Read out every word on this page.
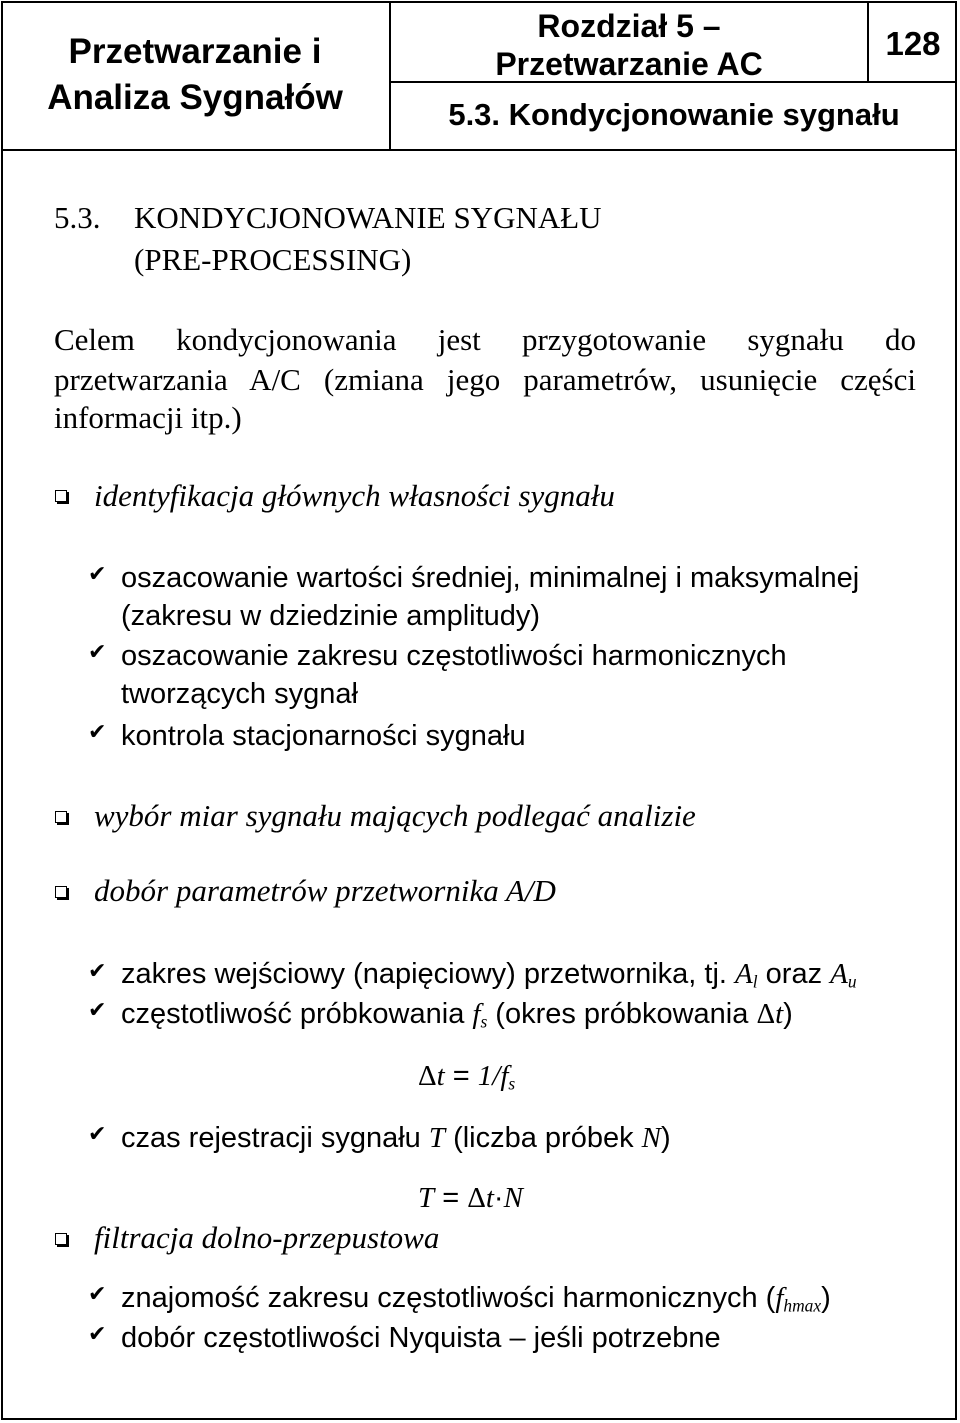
Przetwarzanie i
Analiza Sygnałów
Rozdział 5 –
Przetwarzanie AC
128
5.3. Kondycjonowanie sygnału
5.3. KONDYCJONOWANIE SYGNAŁU
(PRE-PROCESSING)
Celem kondycjonowania jest przygotowanie sygnału do
przetwarzania A/C (zmiana jego parametrów, usunięcie części
informacji itp.)
identyfikacja głównych własności sygnału
✔ oszacowanie wartości średniej, minimalnej i maksymalnej
(zakresu w dziedzinie amplitudy)
✔ oszacowanie zakresu częstotliwości harmonicznych
tworzących sygnał
✔ kontrola stacjonarności sygnału
wybór miar sygnału mających podlegać analizie
dobór parametrów przetwornika A/D
✔ zakres wejściowy (napięciowy) przetwornika, tj. $A_l$ oraz $A_u$
✔ częstotliwość próbkowania $f_s$ (okres próbkowania Δt)
$\Delta t = 1/f_s$
✔ czas rejestracji sygnału T (liczba próbek N)
T = Δt·N
filtracja dolno-przepustowa
✔ znajomość zakresu częstotliwości harmonicznych $(f_{hmax})$
✔ dobór częstotliwości Nyquista – jeśli potrzebne
